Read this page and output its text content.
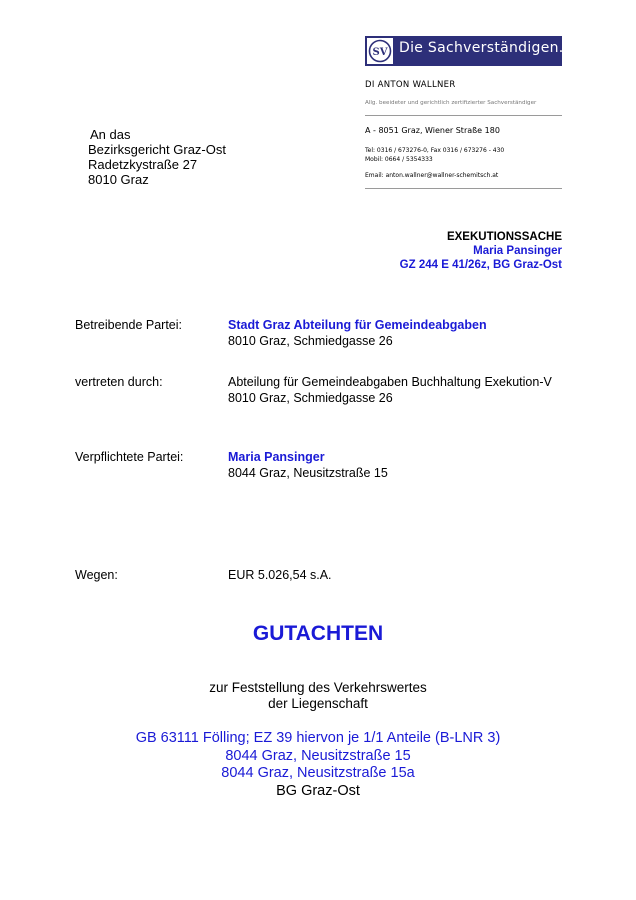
SV Die Sachverständigen.
DI ANTON WALLNER
Allg. beeideter und gerichtlich zertifizierter Sachverständiger
A - 8051 Graz, Wiener Straße 180
Tel: 0316 / 673276-0, Fax 0316 / 673276 - 430
Mobil: 0664 / 5354333
Email: anton.wallner@wallner-schemitsch.at
An das
Bezirksgericht Graz-Ost
Radetzkystraße 27
8010 Graz
EXEKUTIONSSACHE
Maria Pansinger
GZ 244 E 41/26z, BG Graz-Ost
Betreibende Partei:	Stadt Graz Abteilung für Gemeindeabgaben
8010 Graz, Schmiedgasse 26
vertreten durch:	Abteilung für Gemeindeabgaben Buchhaltung Exekution-V
8010 Graz, Schmiedgasse 26
Verpflichtete Partei:	Maria Pansinger
8044 Graz, Neusitzstraße 15
Wegen:	EUR 5.026,54 s.A.
GUTACHTEN
zur Feststellung des Verkehrswertes
der Liegenschaft
GB 63111 Fölling; EZ 39 hiervon je 1/1 Anteile (B-LNR 3)
8044 Graz, Neusitzstraße 15
8044 Graz, Neusitzstraße 15a
BG Graz-Ost
